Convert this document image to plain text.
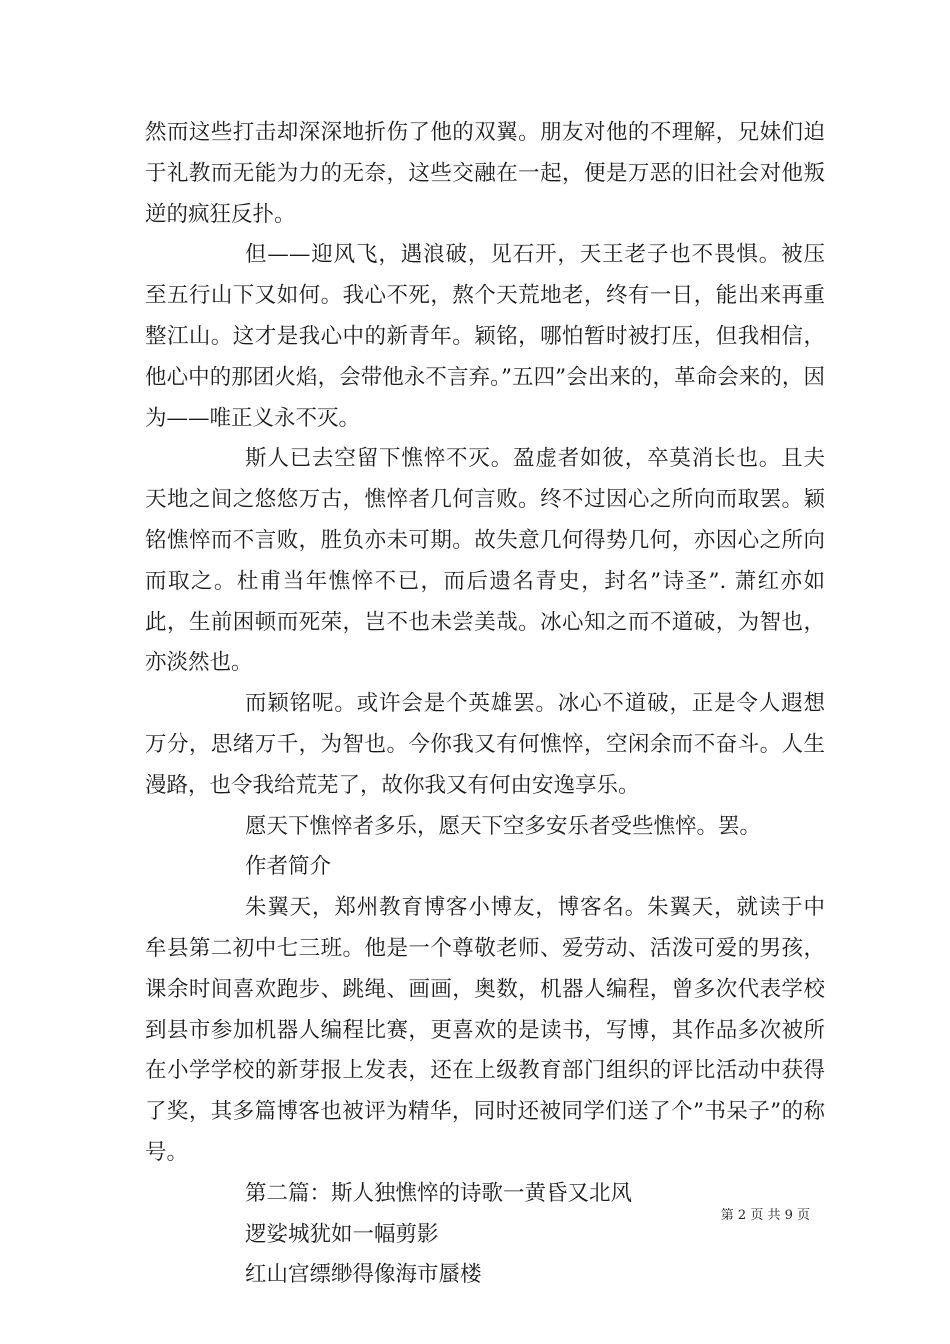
然而这些打击却深深地折伤了他的双翼。朋友对他的不理解，兄妹们迫于礼教而无能为力的无奈，这些交融在一起，便是万恶的旧社会对他叛逆的疯狂反扑。

但——迎风飞，遇浪破，见石开，天王老子也不畏惧。被压至五行山下又如何。我心不死，熬个天荒地老，终有一日，能出来再重整江山。这才是我心中的新青年。颖铭，哪怕暂时被打压，但我相信，他心中的那团火焰，会带他永不言弃。”五四”会出来的，革命会来的，因为——唯正义永不灭。

斯人已去空留下憔悴不灭。盈虚者如彼，卒莫消长也。且夫天地之间之悠悠万古，憔悴者几何言败。终不过因心之所向而取罢。颖铭憔悴而不言败，胜负亦未可期。故失意几何得势几何，亦因心之所向而取之。杜甫当年憔悴不已，而后遗名青史，封名”诗圣”. 萧红亦如此，生前困顿而死荣，岂不也未尝美哉。冰心知之而不道破，为智也，亦淡然也。

而颖铭呢。或许会是个英雄罢。冰心不道破，正是令人遐想万分，思绪万千，为智也。今你我又有何憔悴，空闲余而不奋斗。人生漫路，也令我给荒芜了，故你我又有何由安逸享乐。

愿天下憔悴者多乐，愿天下空多安乐者受些憔悴。罢。

作者简介

朱翼天，郑州教育博客小博友，博客名。朱翼天，就读于中牟县第二初中七三班。他是一个尊敬老师、爱劳动、活泼可爱的男孩，课余时间喜欢跑步、跳绳、画画，奥数，机器人编程，曾多次代表学校到县市参加机器人编程比赛，更喜欢的是读书，写博，其作品多次被所在小学学校的新芽报上发表，还在上级教育部门组织的评比活动中获得了奖，其多篇博客也被评为精华，同时还被同学们送了个”书呆子”的称号。

第二篇：斯人独憔悴的诗歌一黄昏又北风

逻娑城犹如一幅剪影

红山宫缥缈得像海市蜃楼

第 2 页 共 9 页
